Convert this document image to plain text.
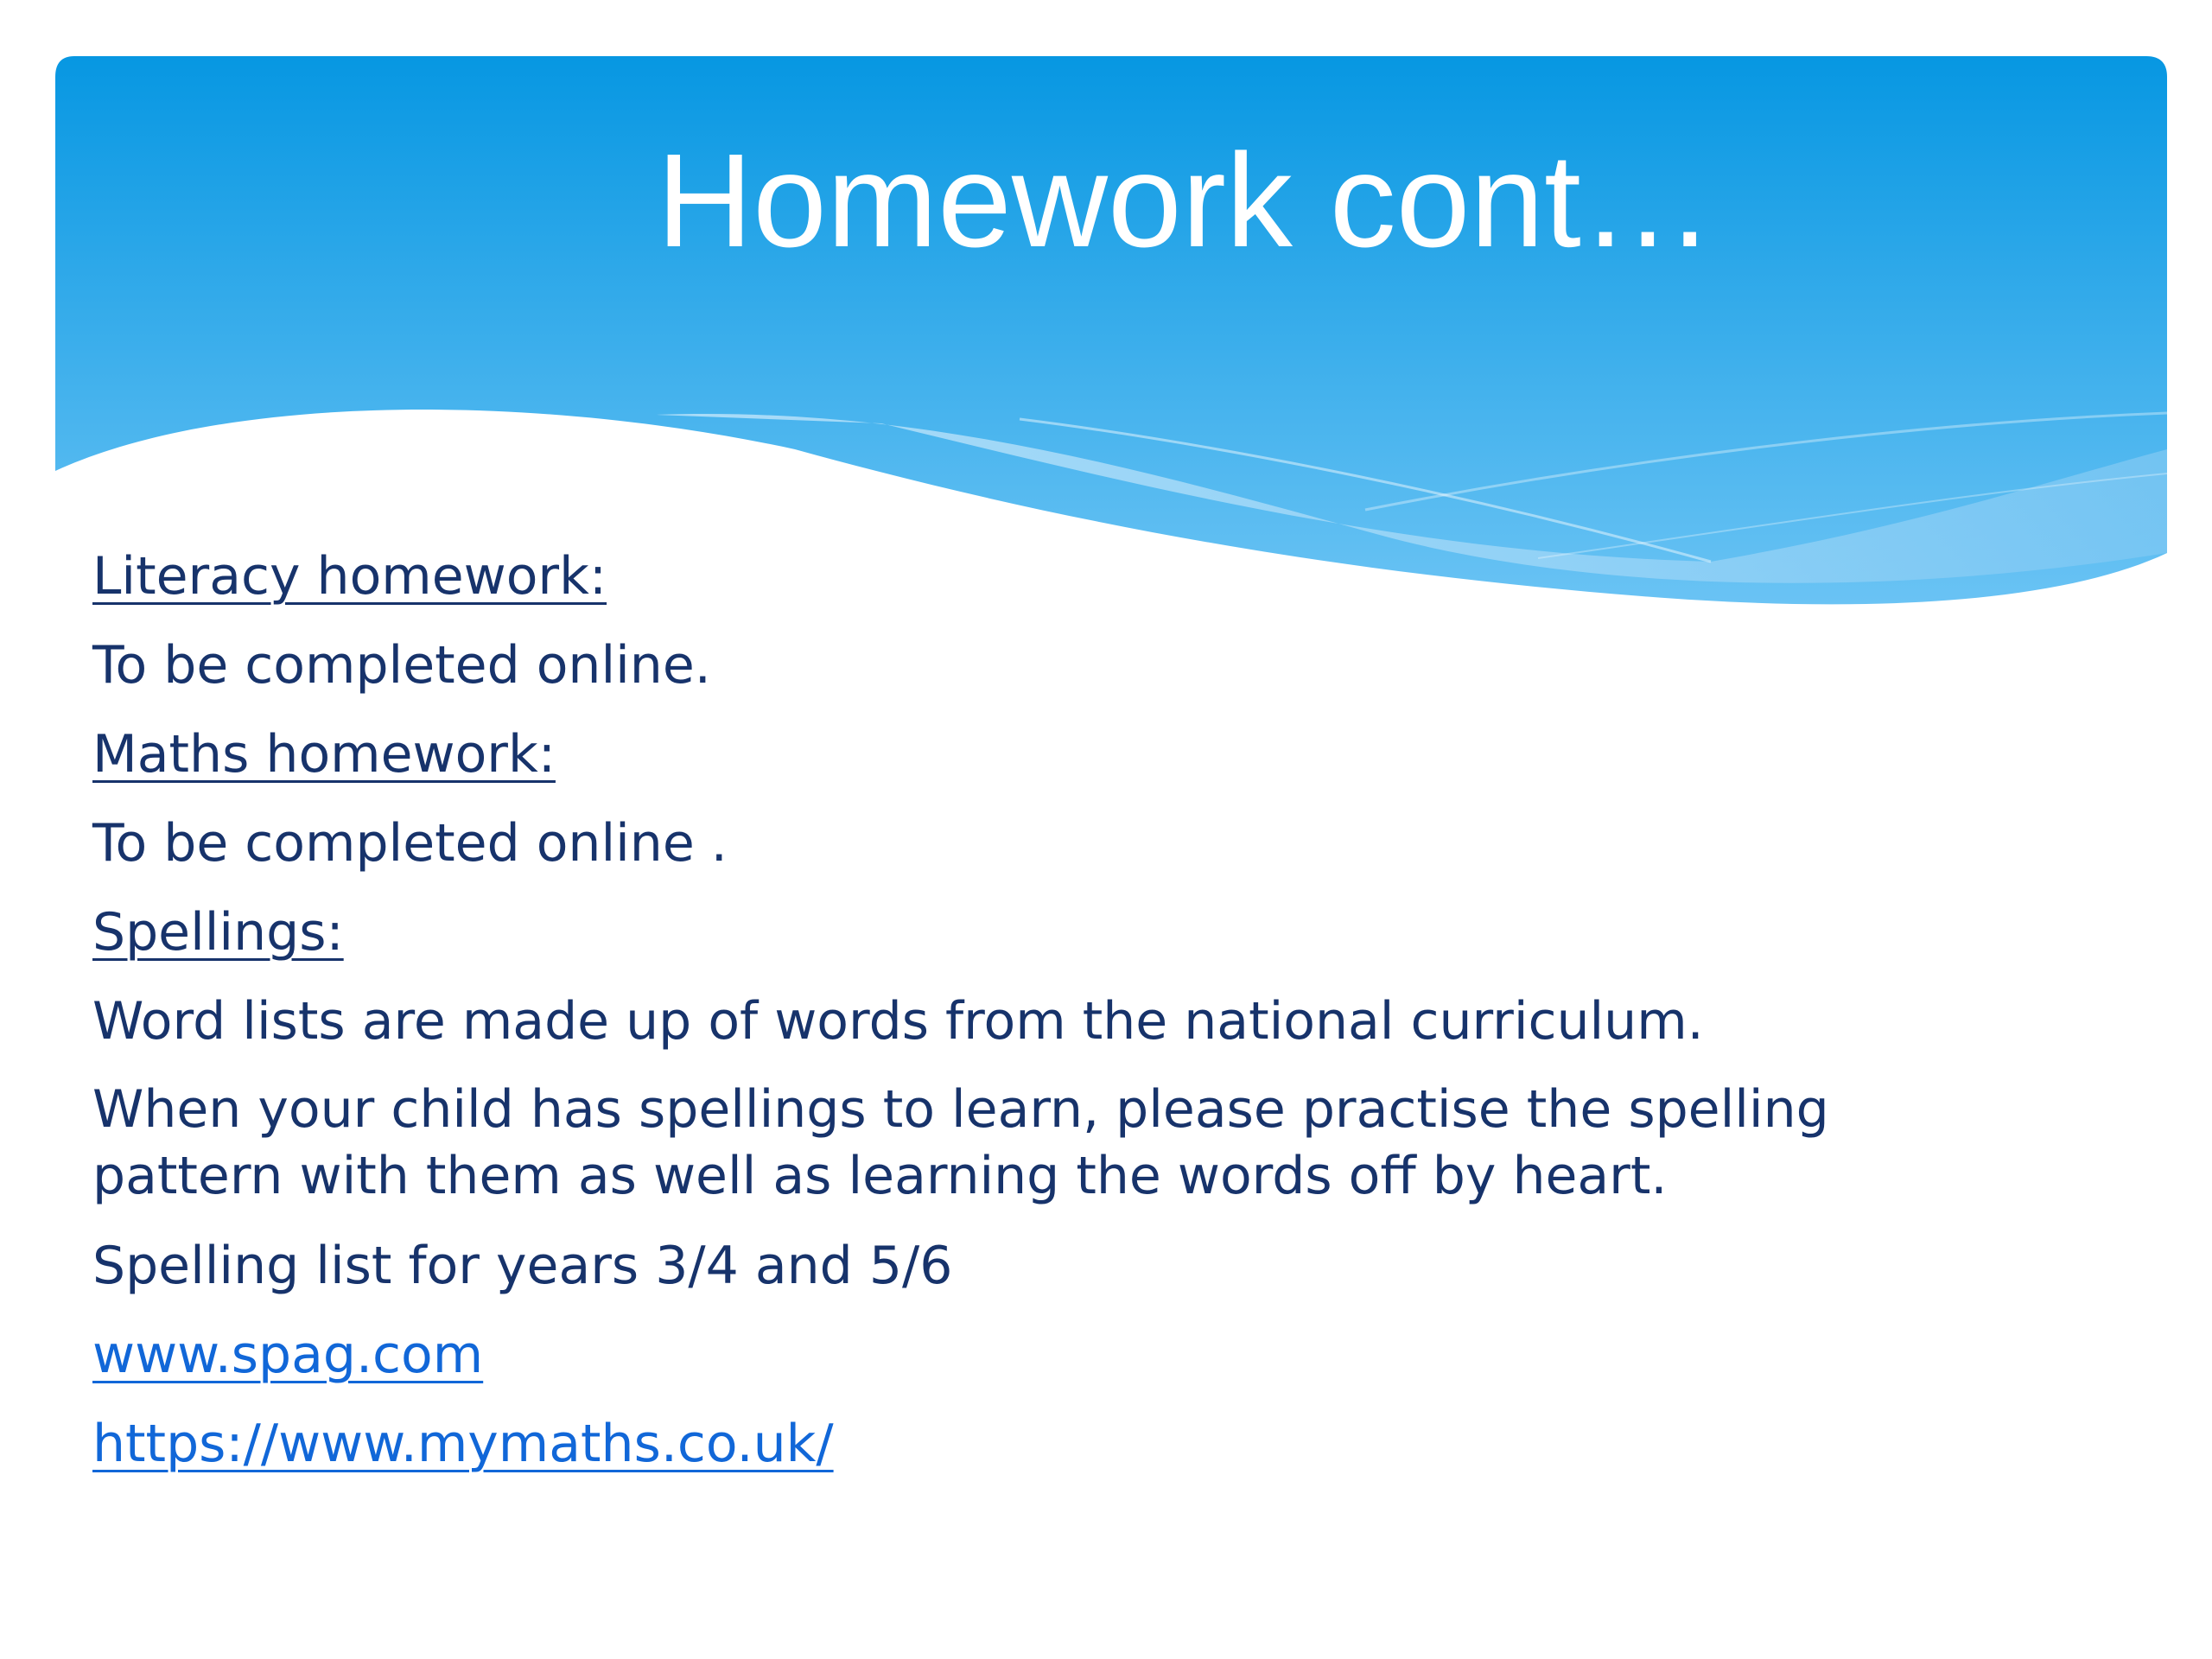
Homework cont…
Literacy homework:
To be completed online.
Maths homework:
To be completed online .
Spellings:
Word lists are made up of words from the national curriculum.
When your child has spellings to learn, please practise the spelling
pattern with them as well as learning the words off by heart.
Spelling list for years 3/4 and 5/6
www.spag.com
https://www.mymaths.co.uk/
